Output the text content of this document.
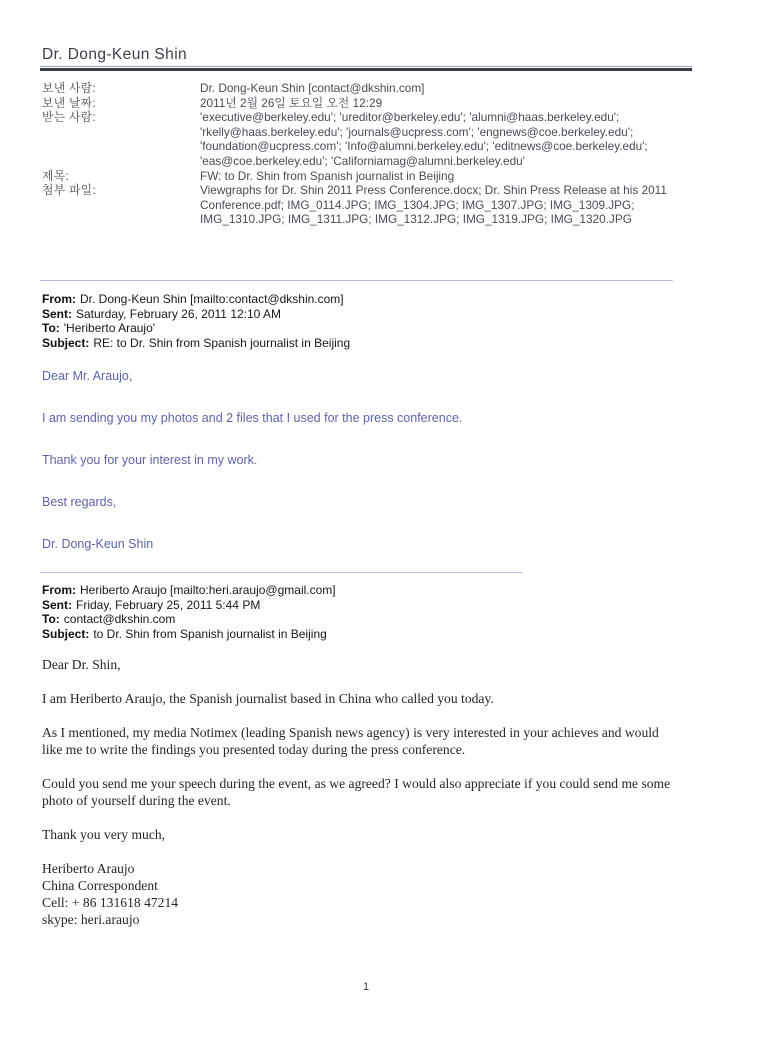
Dr. Dong-Keun Shin
보낸 사람:	Dr. Dong-Keun Shin [contact@dkshin.com]
보낸 날짜:	2011년 2월 26일 토요일 오전 12:29
받는 사람:	'executive@berkeley.edu'; 'ureditor@berkeley.edu'; 'alumni@haas.berkeley.edu'; 'rkelly@haas.berkeley.edu'; 'journals@ucpress.com'; 'engnews@coe.berkeley.edu'; 'foundation@ucpress.com'; 'Info@alumni.berkeley.edu'; 'editnews@coe.berkeley.edu'; 'eas@coe.berkeley.edu'; 'Californiamag@alumni.berkeley.edu'
제목:	FW: to Dr. Shin from Spanish journalist in Beijing
첨부 파일:	Viewgraphs for Dr. Shin 2011 Press Conference.docx; Dr. Shin Press Release at his 2011 Conference.pdf; IMG_0114.JPG; IMG_1304.JPG; IMG_1307.JPG; IMG_1309.JPG; IMG_1310.JPG; IMG_1311.JPG; IMG_1312.JPG; IMG_1319.JPG; IMG_1320.JPG
From: Dr. Dong-Keun Shin [mailto:contact@dkshin.com]
Sent: Saturday, February 26, 2011 12:10 AM
To: 'Heriberto Araujo'
Subject: RE: to Dr. Shin from Spanish journalist in Beijing

Dear Mr. Araujo,

I am sending you my photos and 2 files that I used for the press conference.

Thank you for your interest in my work.

Best regards,

Dr. Dong-Keun Shin

From: Heriberto Araujo [mailto:heri.araujo@gmail.com]
Sent: Friday, February 25, 2011 5:44 PM
To: contact@dkshin.com
Subject: to Dr. Shin from Spanish journalist in Beijing

Dear Dr. Shin,

I am Heriberto Araujo, the Spanish journalist based in China who called you today.

As I mentioned, my media Notimex (leading Spanish news agency) is very interested in your achieves and would like me to write the findings you presented today during the press conference.

Could you send me your speech during the event, as we agreed? I would also appreciate if you could send me some photo of yourself during the event.

Thank you very much,

Heriberto Araujo
China Correspondent
Cell: + 86 131618 47214
skype: heri.araujo
1
